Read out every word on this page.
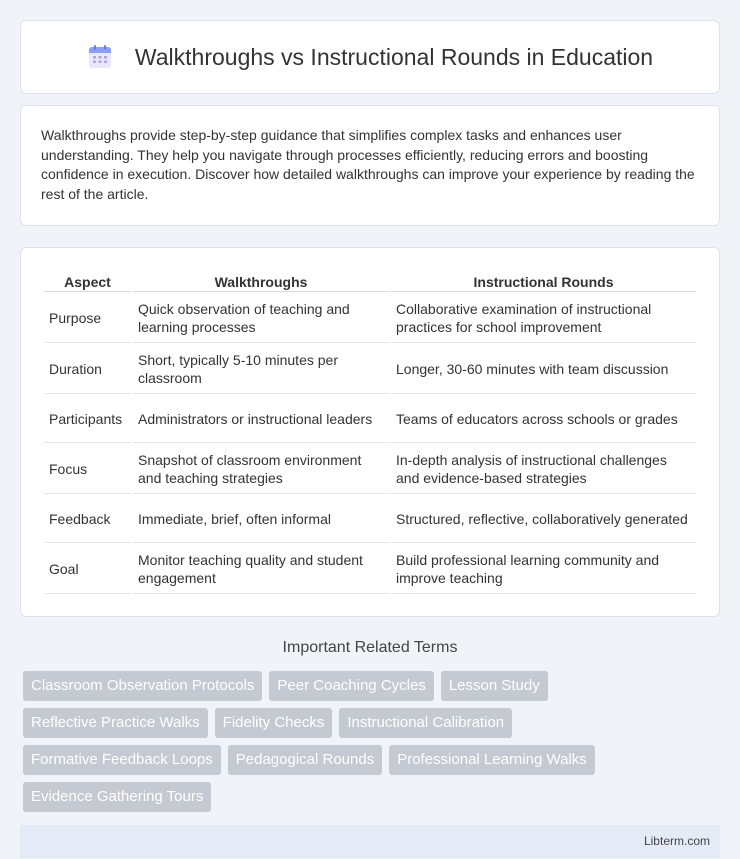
Walkthroughs vs Instructional Rounds in Education

Walkthroughs provide step-by-step guidance that simplifies complex tasks and enhances user understanding. They help you navigate through processes efficiently, reducing errors and boosting confidence in execution. Discover how detailed walkthroughs can improve your experience by reading the rest of the article.

Aspect	Walkthroughs	Instructional Rounds
Purpose	Quick observation of teaching and learning processes	Collaborative examination of instructional practices for school improvement
Duration	Short, typically 5-10 minutes per classroom	Longer, 30-60 minutes with team discussion
Participants	Administrators or instructional leaders	Teams of educators across schools or grades
Focus	Snapshot of classroom environment and teaching strategies	In-depth analysis of instructional challenges and evidence-based strategies
Feedback	Immediate, brief, often informal	Structured, reflective, collaboratively generated
Goal	Monitor teaching quality and student engagement	Build professional learning community and improve teaching
Important Related Terms
Classroom Observation Protocols	Peer Coaching Cycles	Lesson Study
Reflective Practice Walks	Fidelity Checks	Instructional Calibration
Formative Feedback Loops	Pedagogical Rounds	Professional Learning Walks
Evidence Gathering Tours
Libterm.com
